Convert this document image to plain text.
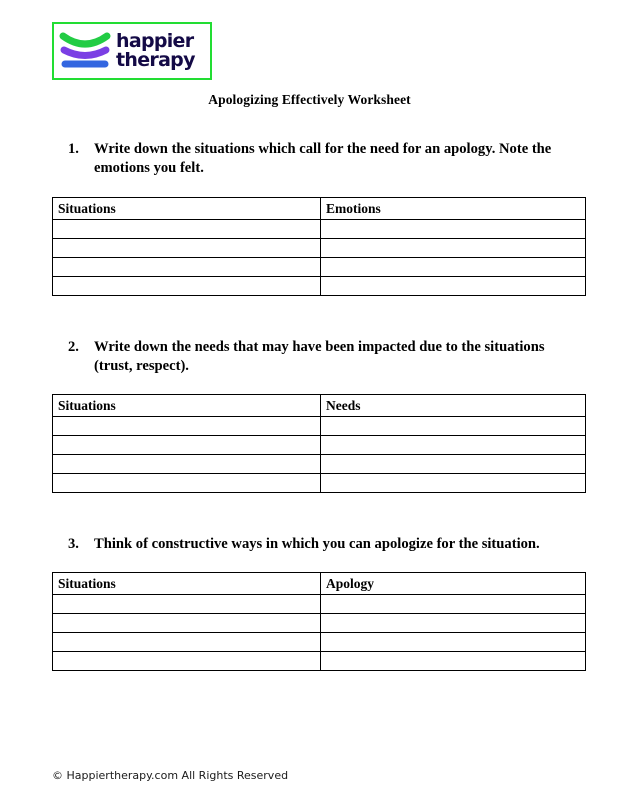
happier
therapy
Apologizing Effectively Worksheet
1. Write down the situations which call for the need for an apology. Note the emotions you felt.
Situations	Emotions

2. Write down the needs that may have been impacted due to the situations (trust, respect).
Situations	Needs

3. Think of constructive ways in which you can apologize for the situation.
Situations	Apology

© Happiertherapy.com All Rights Reserved
